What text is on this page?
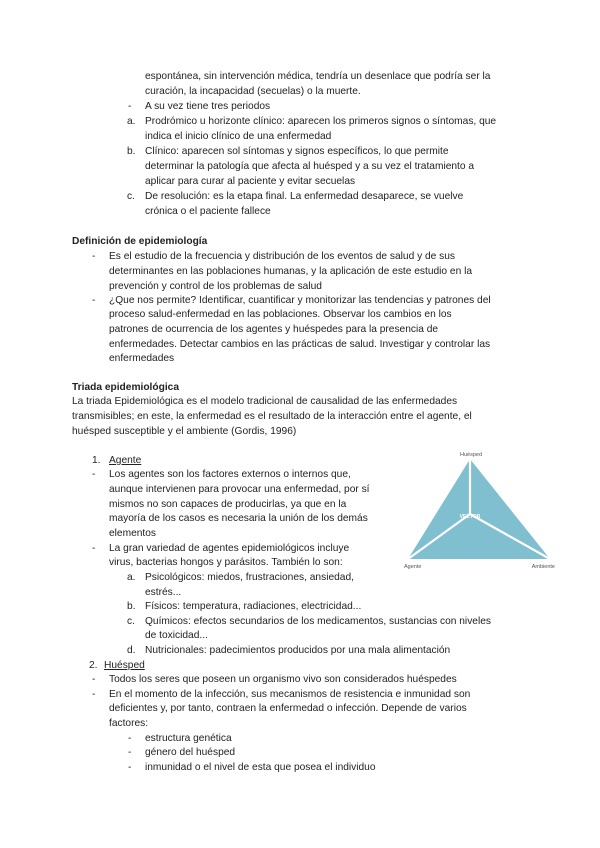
espontánea, sin intervención médica, tendría un desenlace que podría ser la
curación, la incapacidad (secuelas) o la muerte.
- A su vez tiene tres periodos
a. Prodrómico u horizonte clínico: aparecen los primeros signos o síntomas, que
indica el inicio clínico de una enfermedad
b. Clínico: aparecen sol síntomas y signos específicos, lo que permite
determinar la patología que afecta al huésped y a su vez el tratamiento a
aplicar para curar al paciente y evitar secuelas
c. De resolución: es la etapa final. La enfermedad desaparece, se vuelve
crónica o el paciente fallece
Definición de epidemiología
- Es el estudio de la frecuencia y distribución de los eventos de salud y de sus
determinantes en las poblaciones humanas, y la aplicación de este estudio en la
prevención y control de los problemas de salud
- ¿Que nos permite? Identificar, cuantificar y monitorizar las tendencias y patrones del
proceso salud-enfermedad en las poblaciones. Observar los cambios en los
patrones de ocurrencia de los agentes y huéspedes para la presencia de
enfermedades. Detectar cambios en las prácticas de salud. Investigar y controlar las
enfermedades
Triada epidemiológica
La triada Epidemiológica es el modelo tradicional de causalidad de las enfermedades
transmisibles; en este, la enfermedad es el resultado de la interacción entre el agente, el
huésped susceptible y el ambiente (Gordis, 1996)
1. Agente
- Los agentes son los factores externos o internos que,
aunque intervienen para provocar una enfermedad, por sí
mismos no son capaces de producirlas, ya que en la
mayoría de los casos es necesaria la unión de los demás
elementos
- La gran variedad de agentes epidemiológicos incluye
virus, bacterias hongos y parásitos. También lo son:
a. Psicológicos: miedos, frustraciones, ansiedad,
estrés...
b. Físicos: temperatura, radiaciones, electricidad...
c. Químicos: efectos secundarios de los medicamentos, sustancias con niveles
de toxicidad...
d. Nutricionales: padecimientos producidos por una mala alimentación
Huésped
VECTOR
Agente	Ambiente
2. Huésped
- Todos los seres que poseen un organismo vivo son considerados huéspedes
- En el momento de la infección, sus mecanismos de resistencia e inmunidad son
deficientes y, por tanto, contraen la enfermedad o infección. Depende de varios
factores:
- estructura genética
- género del huésped
- inmunidad o el nivel de esta que posea el individuo
